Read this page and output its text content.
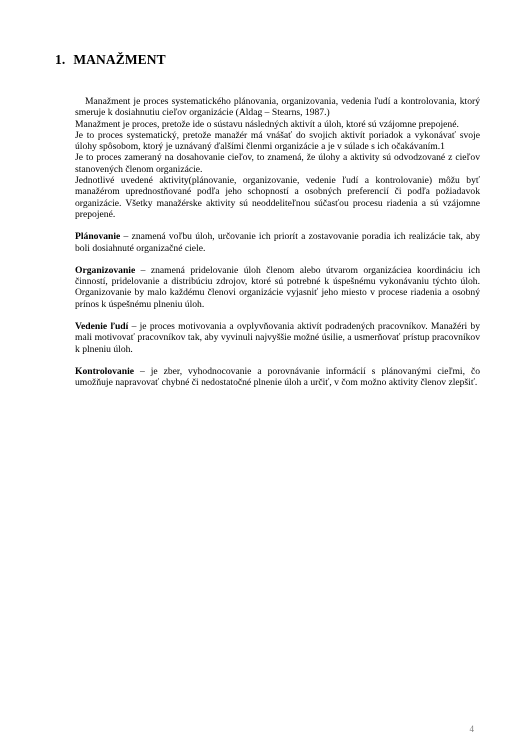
1. MANAŽMENT

Manažment je proces systematického plánovania, organizovania, vedenia ľudí a kontrolovania, ktorý smeruje k dosiahnutiu cieľov organizácie (Aldag – Stearns, 1987.)

Manažment je proces, pretože ide o sústavu následných aktivít a úloh, ktoré sú vzájomne prepojené.

Je to proces systematický, pretože manažér má vnášať do svojich aktivít poriadok a vykonávať svoje úlohy spôsobom, ktorý je uznávaný ďalšími členmi organizácie a je v súlade s ich očakávaním.1

Je to proces zameraný na dosahovanie cieľov, to znamená, že úlohy a aktivity sú odvodzované z cieľov stanovených členom organizácie.

Jednotlivé uvedené aktivity(plánovanie, organizovanie, vedenie ľudí a kontrolovanie) môžu byť manažérom uprednostňované podľa jeho schopností a osobných preferencií či podľa požiadavok organizácie. Všetky manažérske aktivity sú neoddeliteľnou súčasťou procesu riadenia a sú vzájomne prepojené.

Plánovanie – znamená voľbu úloh, určovanie ich priorít a zostavovanie poradia ich realizácie tak, aby boli dosiahnuté organizačné ciele.

Organizovanie – znamená pridelovanie úloh členom alebo útvarom organizáciea koordináciu ich činností, pridelovanie a distribúciu zdrojov, ktoré sú potrebné k úspešnému vykonávaniu týchto úloh. Organizovanie by malo každému členovi organizácie vyjasniť jeho miesto v procese riadenia a osobný prínos k úspešnému plneniu úloh.

Vedenie ľudí – je proces motivovania a ovplyvňovania aktivít podradených pracovníkov. Manažéri by mali motivovať pracovníkov tak, aby vyvinuli najvyššie možné úsilie, a usmerňovať prístup pracovníkov k plneniu úloh.

Kontrolovanie – je zber, vyhodnocovanie a porovnávanie informácií s plánovanými cieľmi, čo umožňuje napravovať chybné či nedostatočné plnenie úloh a určiť, v čom možno aktivity členov zlepšiť.

4
